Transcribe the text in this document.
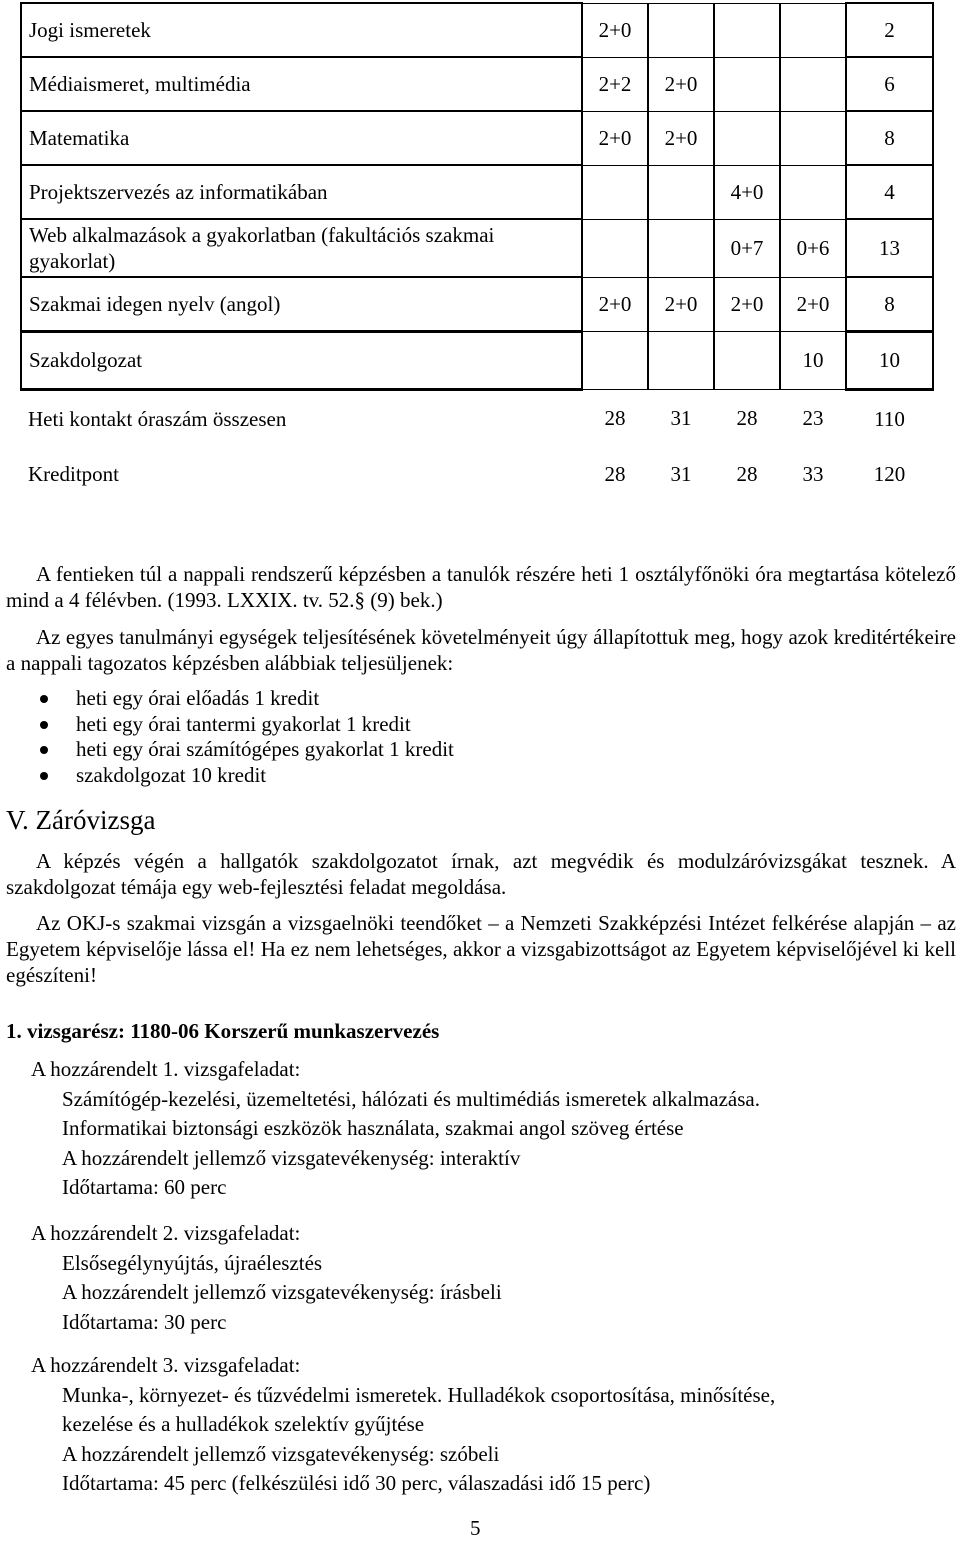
Jogi ismeretek	2+0				2
Médiaismeret, multimédia	2+2	2+0			6
Matematika	2+0	2+0			8
Projektszervezés az informatikában			4+0		4
Web alkalmazások a gyakorlatban (fakultációs szakmai gyakorlat)			0+7	0+6	13
Szakmai idegen nyelv (angol)	2+0	2+0	2+0	2+0	8
Szakdolgozat				10	10
Heti kontakt óraszám összesen	28	31	28	23	110
Kreditpont	28	31	28	33	120
A fentieken túl a nappali rendszerű képzésben a tanulók részére heti 1 osztályfőnöki óra megtartása kötelező mind a 4 félévben. (1993. LXXIX. tv. 52.§ (9) bek.)
Az egyes tanulmányi egységek teljesítésének követelményeit úgy állapítottuk meg, hogy azok kreditértékeire a nappali tagozatos képzésben alábbiak teljesüljenek:
heti egy órai előadás 1 kredit
heti egy órai tantermi gyakorlat 1 kredit
heti egy órai számítógépes gyakorlat 1 kredit
szakdolgozat 10 kredit
V. Záróvizsga
A képzés végén a hallgatók szakdolgozatot írnak, azt megvédik és modulzáróvizsgákat tesznek. A szakdolgozat témája egy web-fejlesztési feladat megoldása.
Az OKJ-s szakmai vizsgán a vizsgaelnöki teendőket – a Nemzeti Szakképzési Intézet felkérése alapján – az Egyetem képviselője lássa el! Ha ez nem lehetséges, akkor a vizsgabizottságot az Egyetem képviselőjével ki kell egészíteni!
1. vizsgarész: 1180-06 Korszerű munkaszervezés
A hozzárendelt 1. vizsgafeladat:
Számítógép-kezelési, üzemeltetési, hálózati és multimédiás ismeretek alkalmazása.
Informatikai biztonsági eszközök használata, szakmai angol szöveg értése
A hozzárendelt jellemző vizsgatevékenység: interaktív
Időtartama: 60 perc
A hozzárendelt 2. vizsgafeladat:
Elsősegélynyújtás, újraélesztés
A hozzárendelt jellemző vizsgatevékenység: írásbeli
Időtartama: 30 perc
A hozzárendelt 3. vizsgafeladat:
Munka-, környezet- és tűzvédelmi ismeretek. Hulladékok csoportosítása, minősítése,
kezelése és a hulladékok szelektív gyűjtése
A hozzárendelt jellemző vizsgatevékenység: szóbeli
Időtartama: 45 perc (felkészülési idő 30 perc, válaszadási idő 15 perc)
5
